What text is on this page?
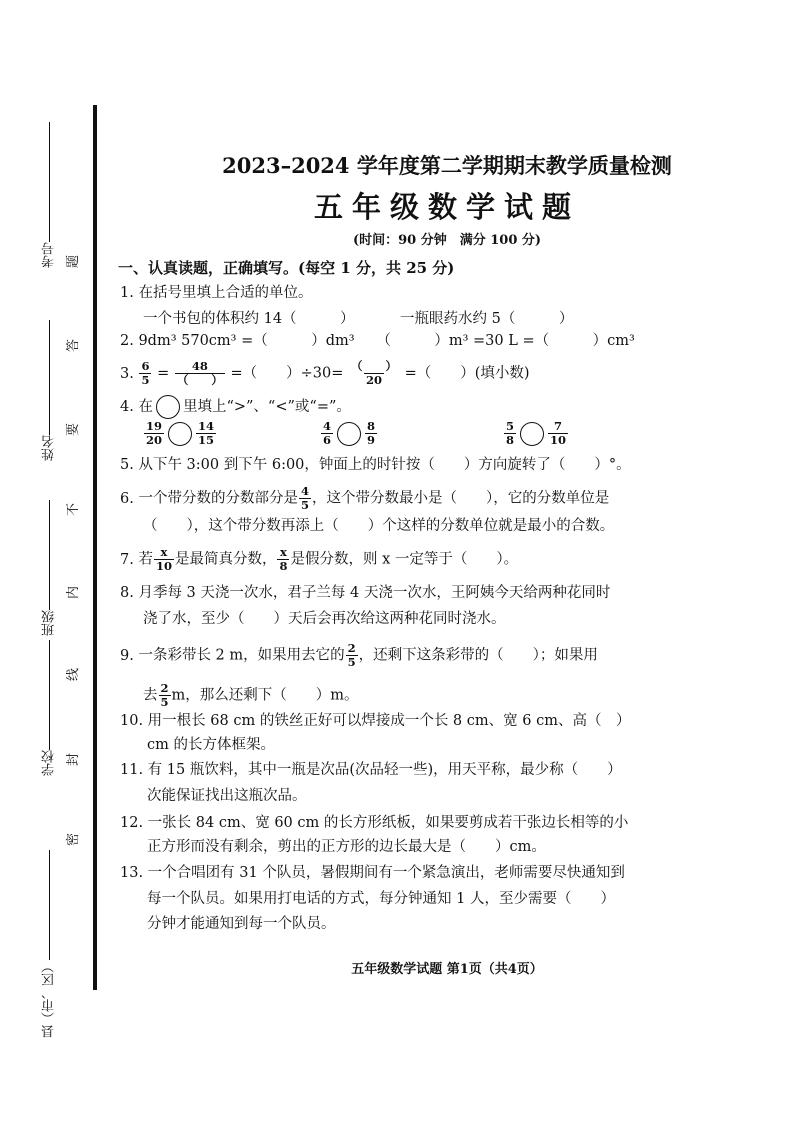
考号
姓名
班级
学校
县（市、区）
题
答
要
不
内
线
封
密
2023–2024 学年度第二学期期末教学质量检测
五年级数学试题
(时间：90 分钟　满分 100 分)
一、认真读题，正确填写。(每空 1 分，共 25 分)
1. 在括号里填上合适的单位。
一个书包的体积约 14（　　　）	一瓶眼药水约 5（　　　）
2. 9dm³ 570cm³ =（　　　）dm³　　（　　　）m³ =30 L =（　　　）cm³
3. $\frac{6}{5} = \frac{48}{( )}$ =（　　）$\div 30= \frac{( )}{20}$ =（　　）(填小数)
4. 在 里填上“>”、“<”或“=”。
$\frac{19}{20}$	$\frac{14}{15}$	$\frac{4}{6}$	$\frac{8}{9}$	$\frac{5}{8}$	$\frac{7}{10}$
5. 从下午 3:00 到下午 6:00，钟面上的时针按（　　）方向旋转了（　　）°。
6. 一个带分数的分数部分是 $\frac{4}{5}$ ，这个带分数最小是（　　），它的分数单位是
（　　），这个带分数再添上（　　）个这样的分数单位就是最小的合数。
7. 若 $\frac{x}{10}$ 是最简真分数， $\frac{x}{8}$ 是假分数，则 x 一定等于（　　）。
8. 月季每 3 天浇一次水，君子兰每 4 天浇一次水，王阿姨今天给两种花同时
浇了水，至少（　　）天后会再次给这两种花同时浇水。
9. 一条彩带长 2 m，如果用去它的 $\frac{2}{5}$ ，还剩下这条彩带的（　　）；如果用
去 $\frac{2}{5}$ m，那么还剩下（　　）m。
10. 用一根长 68 cm 的铁丝正好可以焊接成一个长 8 cm、宽 6 cm、高（　）
cm 的长方体框架。
11. 有 15 瓶饮料，其中一瓶是次品(次品轻一些)，用天平称，最少称（　　）
次能保证找出这瓶次品。
12. 一张长 84 cm、宽 60 cm 的长方形纸板，如果要剪成若干张边长相等的小
正方形而没有剩余，剪出的正方形的边长最大是（　　）cm。
13. 一个合唱团有 31 个队员，暑假期间有一个紧急演出，老师需要尽快通知到
每一个队员。如果用打电话的方式，每分钟通知 1 人，至少需要（　　）
分钟才能通知到每一个队员。
五年级数学试题 第1页（共4页）
